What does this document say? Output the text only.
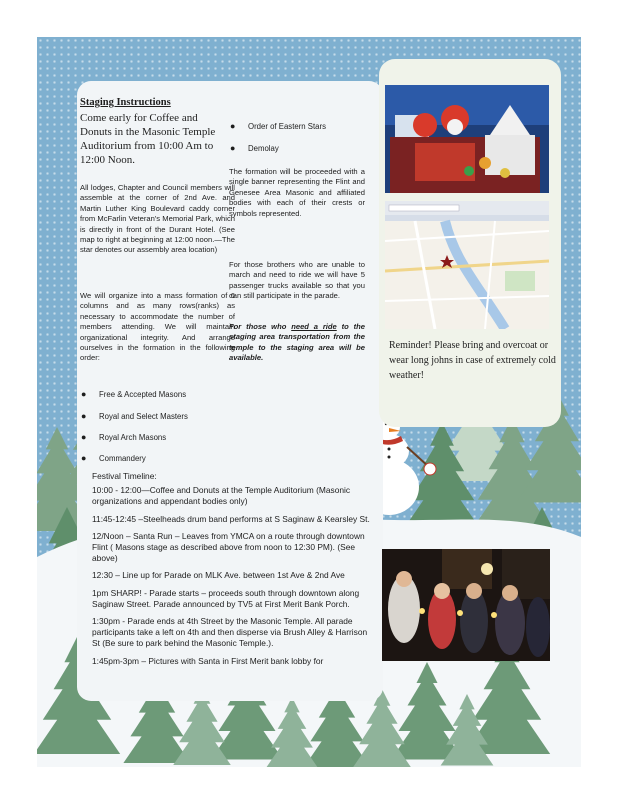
Staging Instructions
Come early for Coffee and Donuts in the Masonic Temple Auditorium from 10:00 Am to 12:00 Noon.
All lodges, Chapter and Council members will assemble at the corner of 2nd Ave. and Martin Luther King Boulevard caddy corner from McFarlin Veteran's Memorial Park, which is directly in front of the Durant Hotel. (See map to right at beginning at 12:00 noon.—The star denotes our assembly area location)
We will organize into a mass formation of 6 columns and as many rows(ranks) as necessary to accommodate the number of members attending. We will maintain organizational integrity. And arrange ourselves in the formation in the following order:
● Free & Accepted Masons
● Royal and Select Masters
● Royal Arch Masons
● Commandery
● Order of Eastern Stars
● Demolay
The formation will be proceeded with a single banner representing the Flint and Genesee Area Masonic and affiliated bodies with each of their crests or symbols represented.
For those brothers who are unable to march and need to ride we will have 5 passenger trucks available so that you can still participate in the parade.
For those who need a ride to the staging area transportation from the temple to the staging area will be available.
Reminder! Please bring and overcoat or wear long johns in case of extremely cold weather!
Festival Timeline:
10:00 - 12:00—Coffee and Donuts at the Temple Auditorium (Masonic organizations and appendant bodies only)
11:45-12:45 –Steelheads drum band performs at S Saginaw & Kearsley St.
12/Noon – Santa Run – Leaves from YMCA on a route through downtown Flint ( Masons stage as described above from noon to 12:30 PM). (See above)
12:30 – Line up for Parade on MLK Ave. between 1st Ave & 2nd Ave
1pm SHARP! - Parade starts – proceeds south through downtown along Saginaw Street. Parade announced by TV5 at First Merit Bank Porch.
1:30pm - Parade ends at 4th Street by the Masonic Temple. All parade participants take a left on 4th and then disperse via Brush Alley & Harrison St (Be sure to park behind the Masonic Temple.).
1:45pm-3pm – Pictures with Santa in First Merit bank lobby for
